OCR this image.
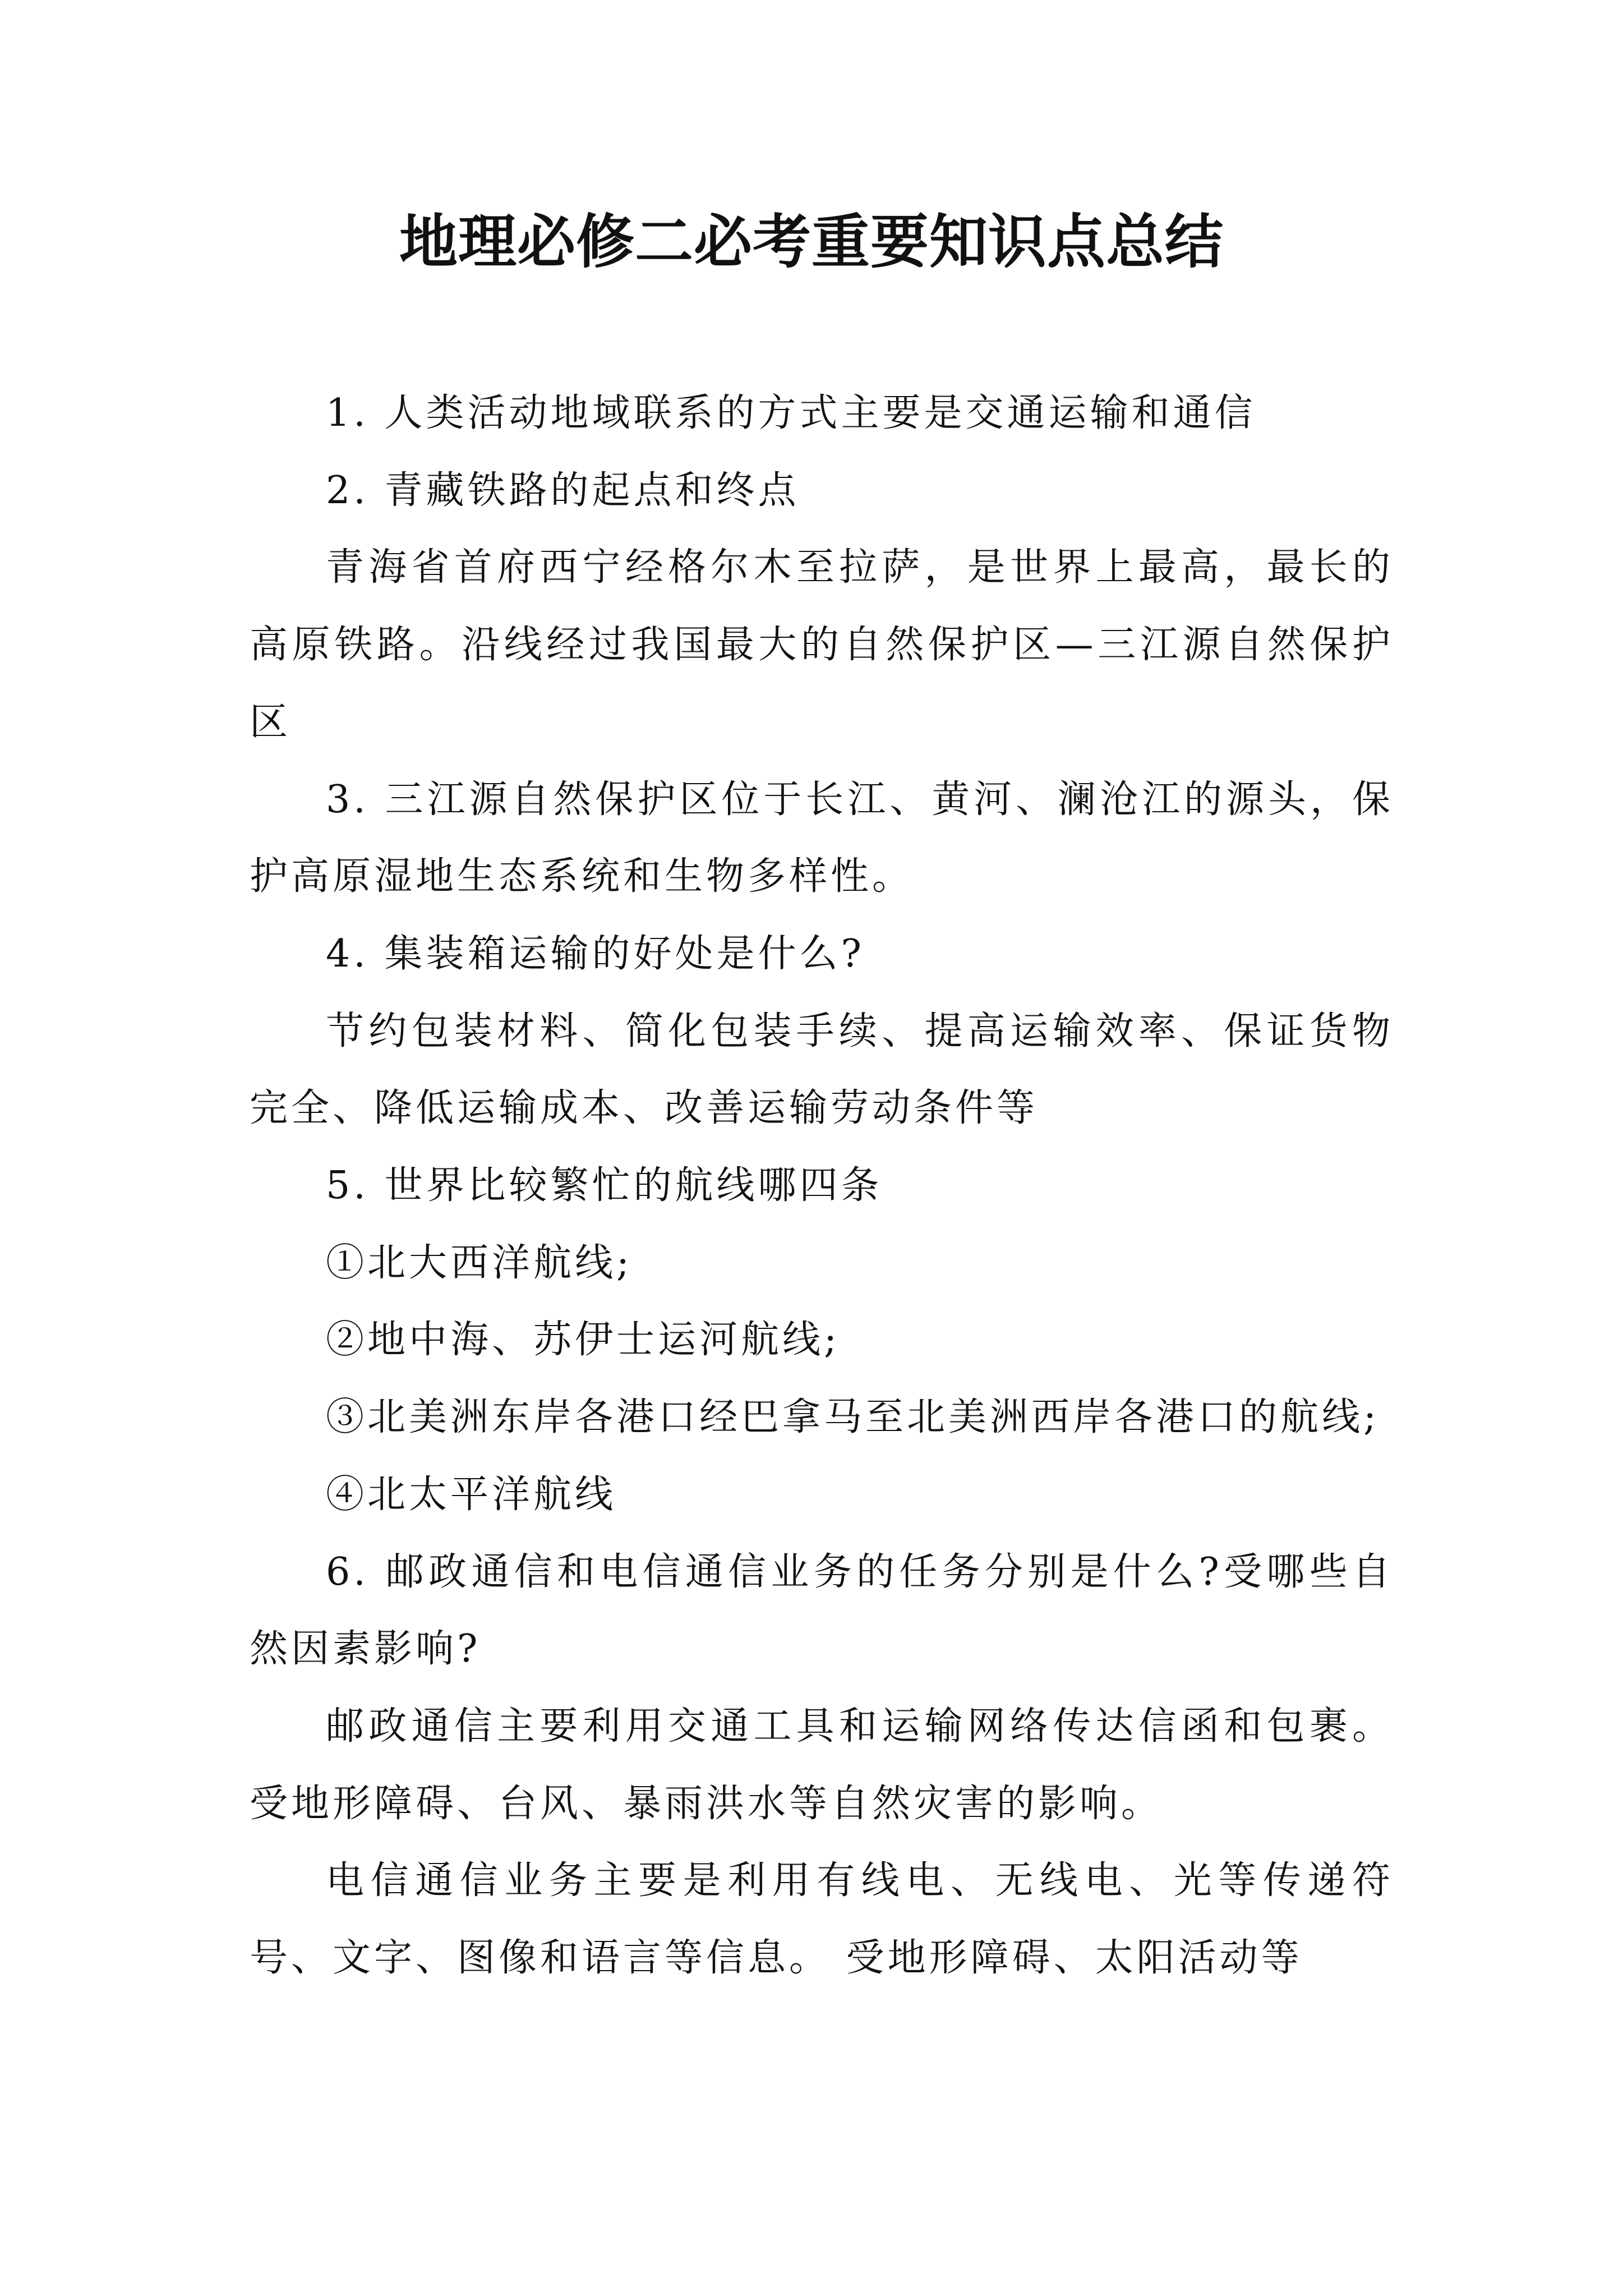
地理必修二必考重要知识点总结

1. 人类活动地域联系的方式主要是交通运输和通信

2. 青藏铁路的起点和终点

青海省首府西宁经格尔木至拉萨，是世界上最高，最长的高原铁路。沿线经过我国最大的自然保护区—三江源自然保护区

3. 三江源自然保护区位于长江、黄河、澜沧江的源头，保护高原湿地生态系统和生物多样性。

4. 集装箱运输的好处是什么?

节约包装材料、简化包装手续、提高运输效率、保证货物完全、降低运输成本、改善运输劳动条件等

5. 世界比较繁忙的航线哪四条

①北大西洋航线;

②地中海、苏伊士运河航线;

③北美洲东岸各港口经巴拿马至北美洲西岸各港口的航线;

④北太平洋航线

6. 邮政通信和电信通信业务的任务分别是什么?受哪些自然因素影响?

邮政通信主要利用交通工具和运输网络传达信函和包裹。受地形障碍、台风、暴雨洪水等自然灾害的影响。

电信通信业务主要是利用有线电、无线电、光等传递符号、文字、图像和语言等信息。 受地形障碍、太阳活动等
